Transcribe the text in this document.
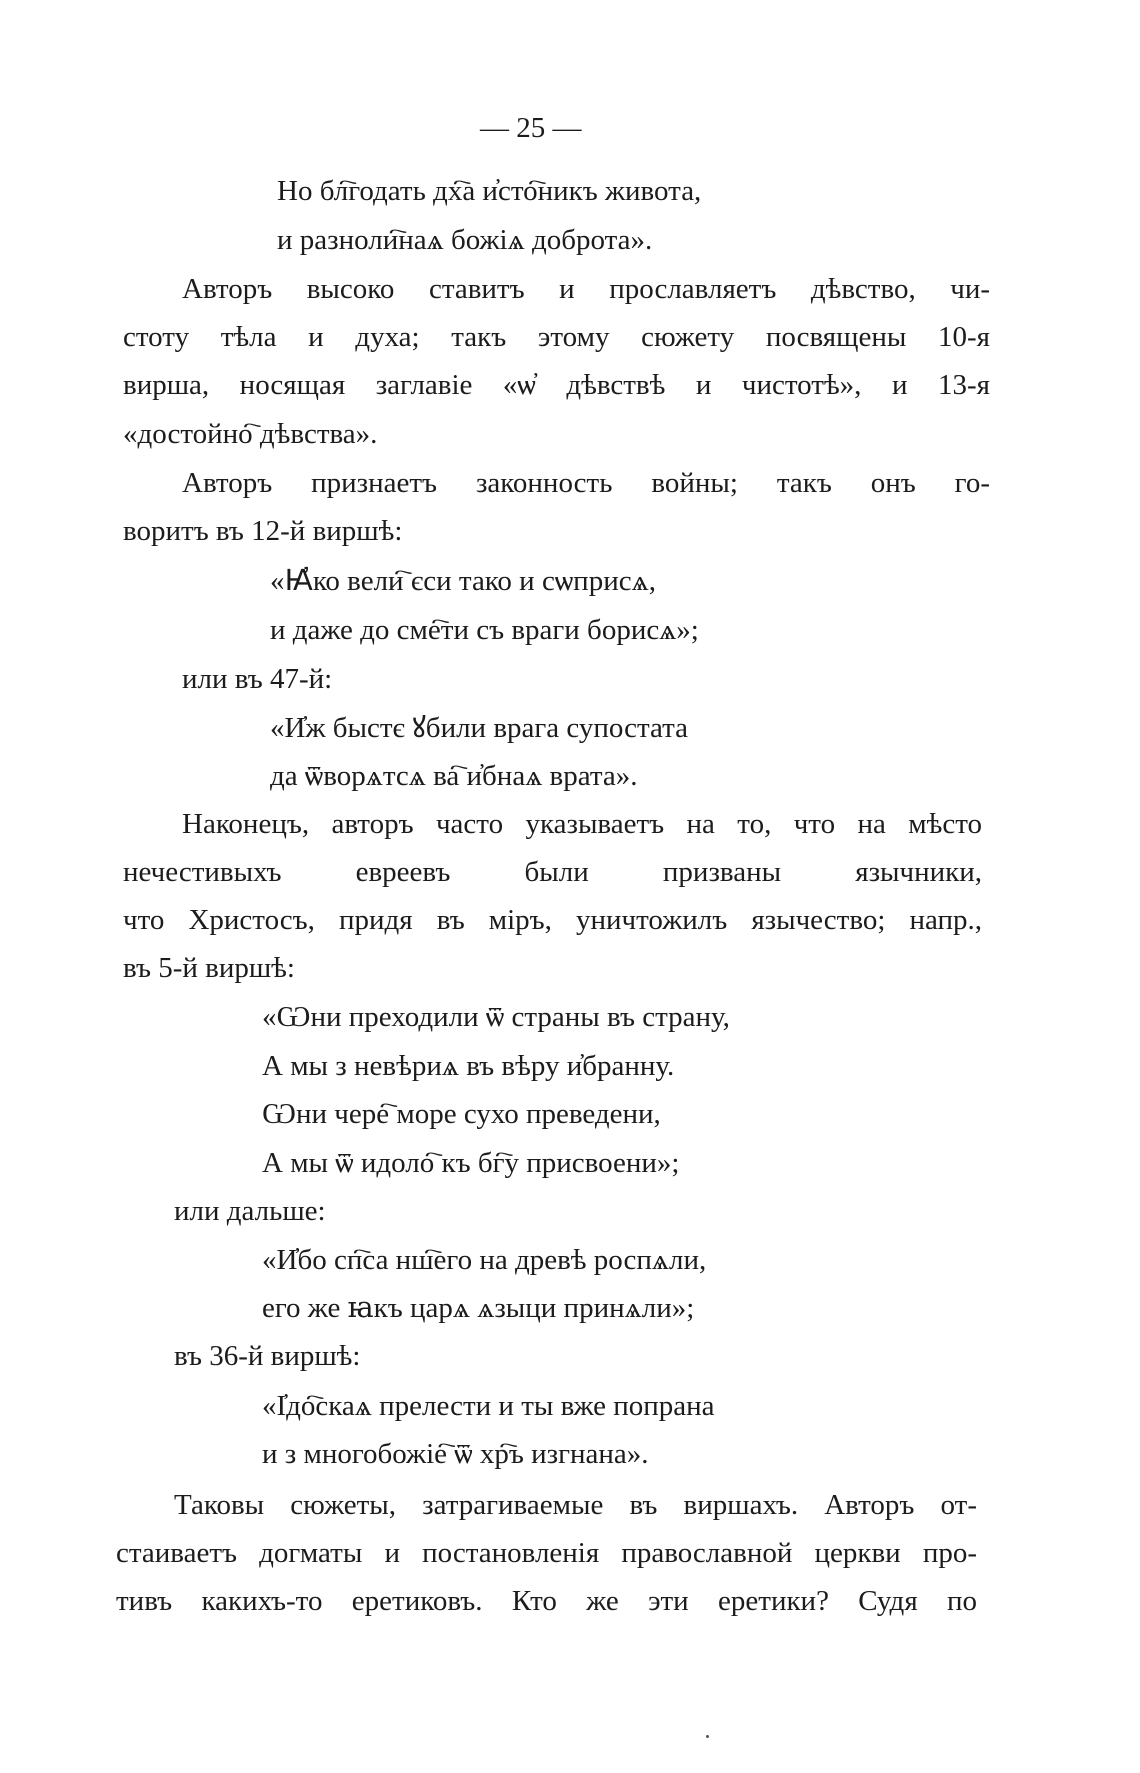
— 25 —
Но бл҇годать дх҇а и҆сто҇никъ живота,
и разноли҇наѧ божіѧ доброта».
Авторъ высоко ставитъ и прославляетъ дѣвство, чи-
стоту тѣла и духа; такъ этому сюжету посвящены 10-я
вирша, носящая заглавіе «ѡ҆ дѣвствѣ и чистотѣ», и 13-я
«достойно҇ дѣвства».
Авторъ признаетъ законность войны; такъ онъ го-
воритъ въ 12-й виршѣ:
«Ꙗ҆ко вели҇ єси тако и сѡприсѧ,
и даже до сме҇ти съ враги борисѧ»;
или въ 47-й:
«И҆ж быстє ꙋбили врага супостата
да ѿворѧтсѧ ва҇ и҆бнаѧ врата».
Наконецъ, авторъ часто указываетъ на то, что на мѣсто
нечестивыхъ евреевъ были призваны язычники,
что Христосъ, придя въ міръ, уничтожилъ язычество; напр.,
въ 5-й виршѣ:
«Ѡни преходили ѿ страны въ страну,
А мы з невѣриѧ въ вѣру и҆бранну.
Ѡни чере҇ море сухо преведени,
А мы ѿ идоло҇ къ бг҇у присвоени»;
или дальше:
«И҆бо сп҇са нш҇его на древѣ роспѧли,
его же ꙗкъ царѧ ѧзыци принѧли»;
въ 36-й виршѣ:
«І҆до҇скаѧ прелести и ты вже попрана
и з многобожіе҇ ѿ хр҇ъ изгнана».
Таковы сюжеты, затрагиваемые въ виршахъ. Авторъ от-
стаиваетъ догматы и постановленія православной церкви про-
тивъ какихъ-то еретиковъ. Кто же эти еретики? Судя по
